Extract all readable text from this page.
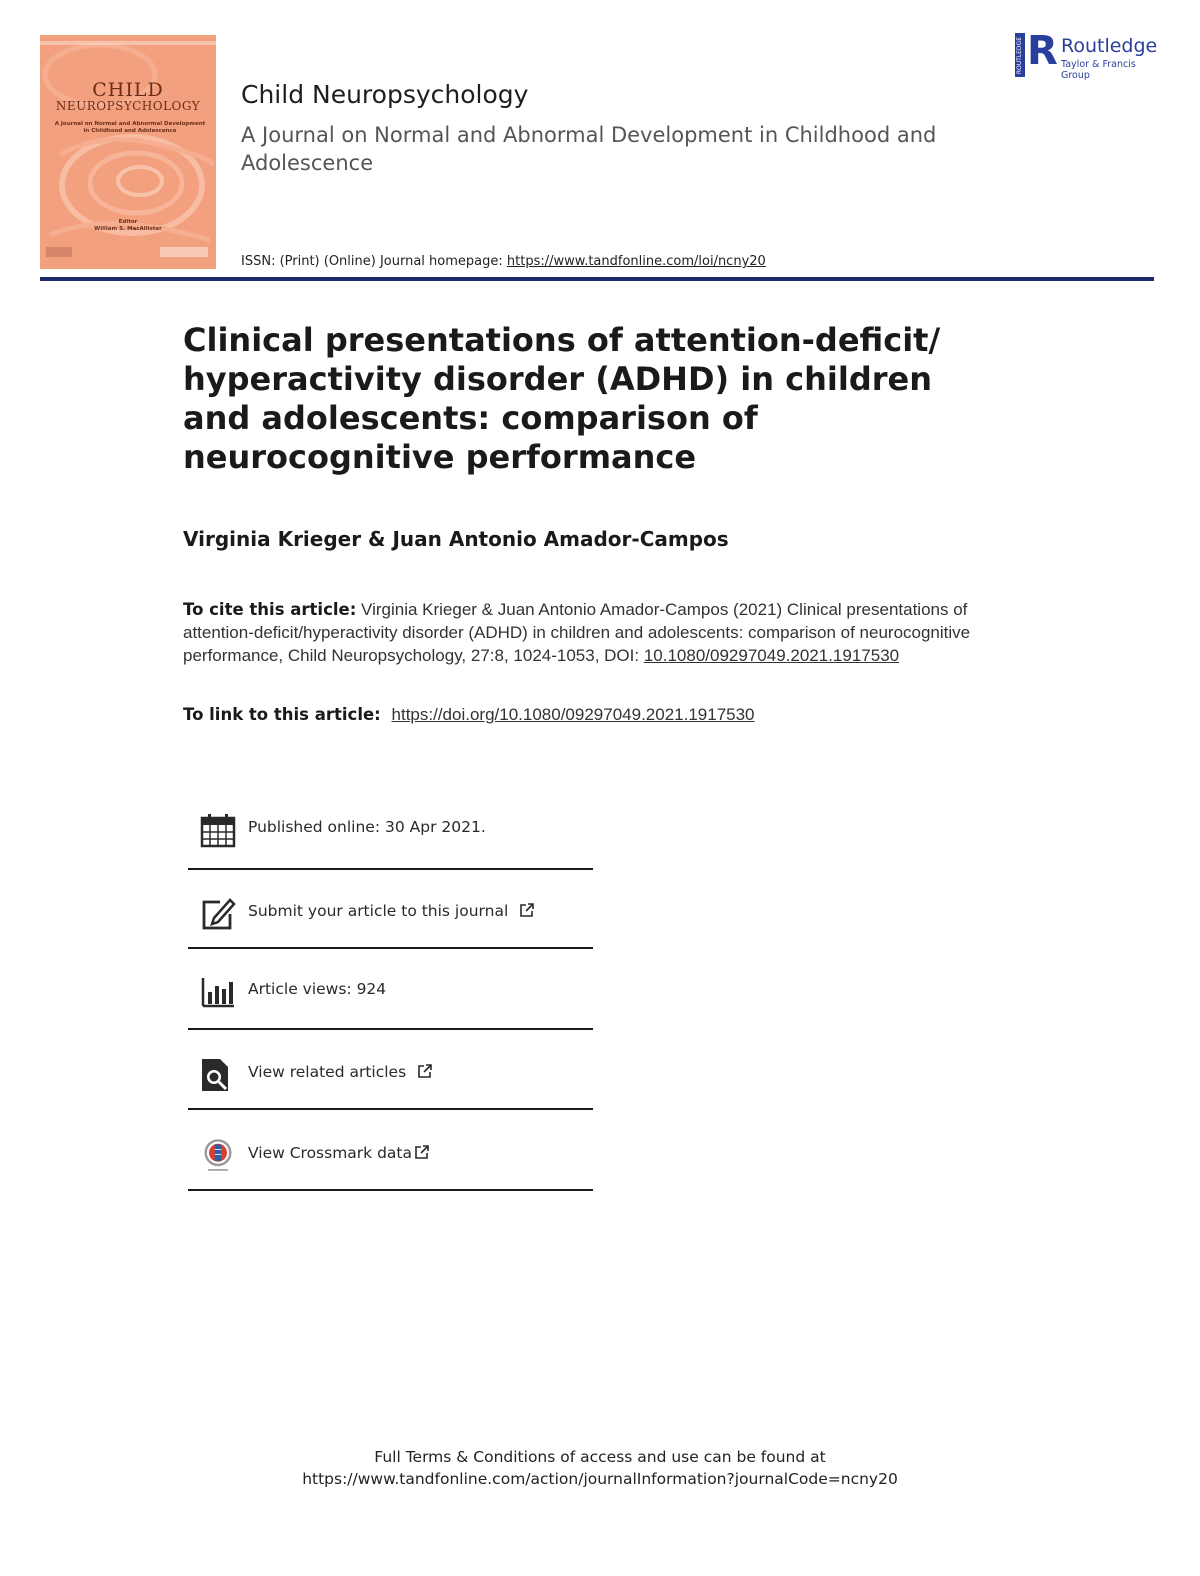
CHILD
NEUROPSYCHOLOGY
A Journal on Normal and Abnormal Development in Childhood and Adolescence
Editor
William S. MacAllister
Child Neuropsychology
A Journal on Normal and Abnormal Development in Childhood and Adolescence
ISSN: (Print) (Online) Journal homepage: https://www.tandfonline.com/loi/ncny20
ROUTLEDGE R Routledge
Taylor & Francis Group
Clinical presentations of attention-deficit/ hyperactivity disorder (ADHD) in children and adolescents: comparison of neurocognitive performance
Virginia Krieger & Juan Antonio Amador-Campos
To cite this article: Virginia Krieger & Juan Antonio Amador-Campos (2021) Clinical presentations of attention-deficit/hyperactivity disorder (ADHD) in children and adolescents: comparison of neurocognitive performance, Child Neuropsychology, 27:8, 1024-1053, DOI: 10.1080/09297049.2021.1917530
To link to this article: https://doi.org/10.1080/09297049.2021.1917530
Published online: 30 Apr 2021.
Submit your article to this journal
Article views: 924
View related articles
View Crossmark data
Full Terms & Conditions of access and use can be found at
https://www.tandfonline.com/action/journalInformation?journalCode=ncny20
